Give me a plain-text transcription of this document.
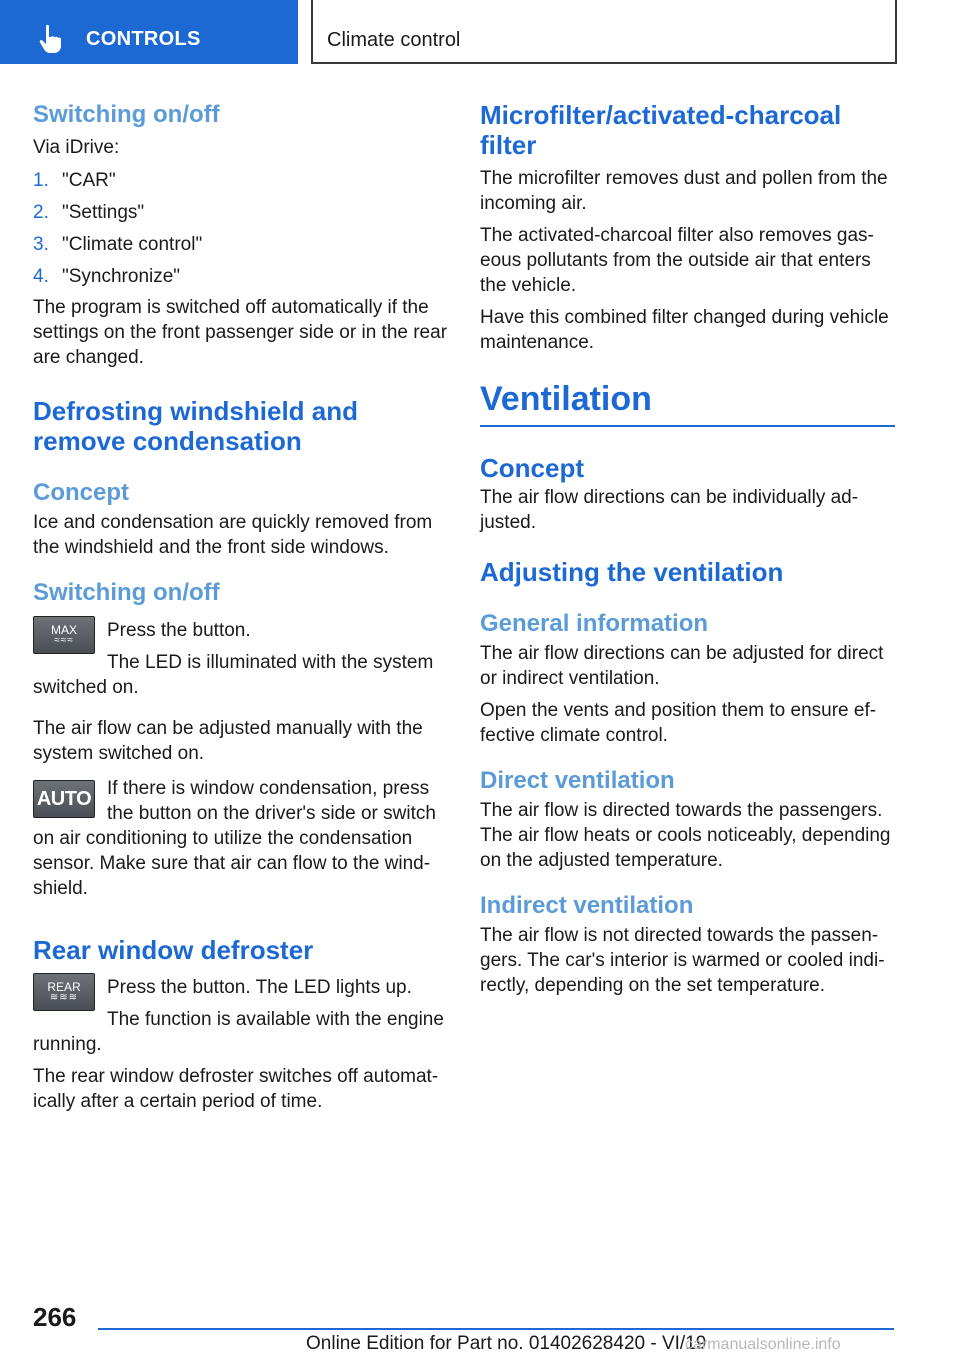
CONTROLS	Climate control
Switching on/off

Via iDrive:

1. "CAR"
2. "Settings"
3. "Climate control"
4. "Synchronize"

The program is switched off automatically if the settings on the front passenger side or in the rear are changed.

Defrosting windshield and remove condensation
Concept

Ice and condensation are quickly removed from the windshield and the front side windows.

Switching on/off
MAX
≈≈≈	Press the button.

The LED is illuminated with the system switched on.

The air flow can be adjusted manually with the system switched on.

AUTO If there is window condensation, press the button on the driver's side or switch on air conditioning to utilize the condensation sensor. Make sure that air can flow to the wind-shield.

Rear window defroster
REAR
≋≋≋	Press the button. The LED lights up.

The function is available with the engine running.

The rear window defroster switches off automat-ically after a certain period of time.

Microfilter/activated-charcoal filter

The microfilter removes dust and pollen from the incoming air.

The activated-charcoal filter also removes gas-eous pollutants from the outside air that enters the vehicle.

Have this combined filter changed during vehicle maintenance.

Ventilation
Concept

The air flow directions can be individually ad-justed.

Adjusting the ventilation
General information

The air flow directions can be adjusted for direct or indirect ventilation.

Open the vents and position them to ensure ef-fective climate control.

Direct ventilation

The air flow is directed towards the passengers. The air flow heats or cools noticeably, depending on the adjusted temperature.

Indirect ventilation

The air flow is not directed towards the passen-gers. The car's interior is warmed or cooled indi-rectly, depending on the set temperature.

266
Online Edition for Part no. 01402628420 - VI/19
carmanualsonline.info
